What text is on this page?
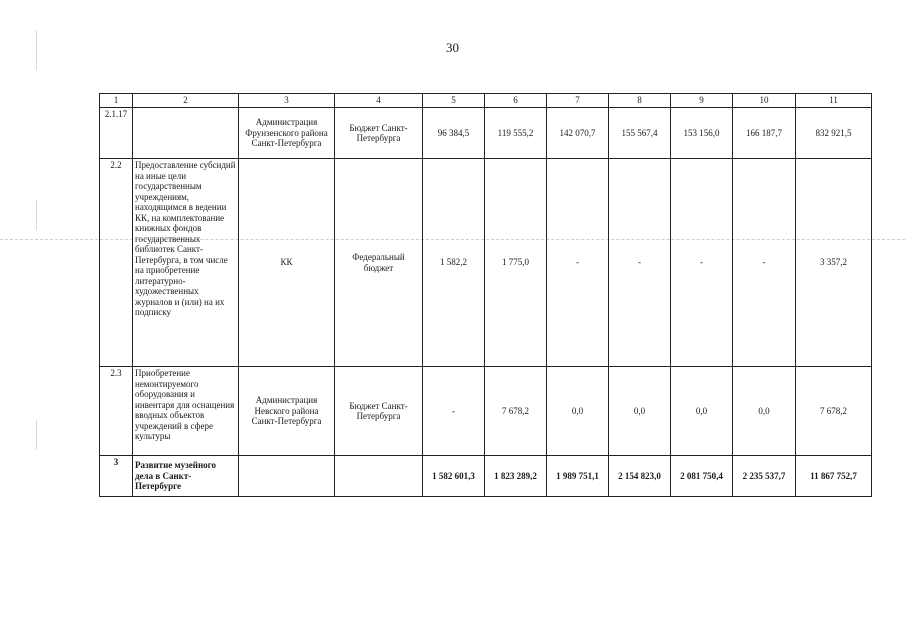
30
1	2	3	4	5	6	7	8	9	10	11
2.1.17		Администрация Фрунзенского района Санкт-Петербурга	Бюджет Санкт-Петербурга	96 384,5	119 555,2	142 070,7	155 567,4	153 156,0	166 187,7	832 921,5
2.2	Предоставление субсидий на иные цели государственным учреждениям, находящимся в ведении КК, на комплектование книжных фондов государственных библиотек Санкт-Петербурга, в том числе на приобретение литературно-художественных журналов и (или) на их подписку	КК	Федеральный бюджет	1 582,2	1 775,0	-	-	-	-	3 357,2
2.3	Приобретение немонтируемого оборудования и инвентаря для оснащения вводных объектов учреждений в сфере культуры	Администрация Невского района Санкт-Петербурга	Бюджет Санкт-Петербурга	-	7 678,2	0,0	0,0	0,0	0,0	7 678,2
3	Развитие музейного дела в Санкт-Петербурге			1 582 601,3	1 823 289,2	1 989 751,1	2 154 823,0	2 081 750,4	2 235 537,7	11 867 752,7
